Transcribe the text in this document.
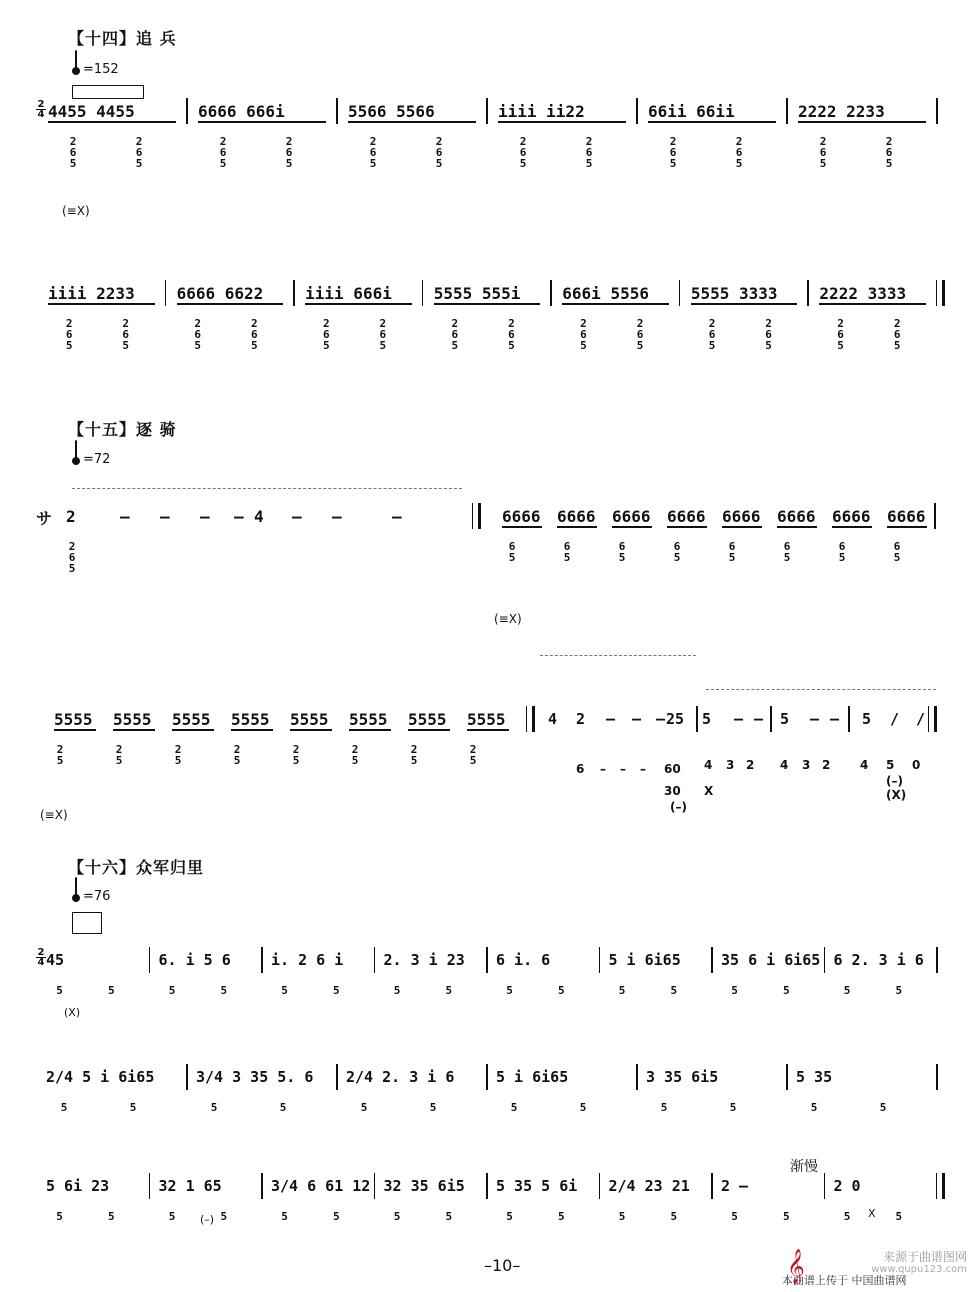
【十四】追 兵
=152
2
4 4455 4455	6666 666i	5566 5566	iiii ii22	66ii 66ii	2222 2233
2
6
5
2
6
5
2
6
5
2
6
5
2
6
5
2
6
5
2
6
5
2
6
5
2
6
5
2
6
5
2
6
5
2
6
5
(≡X)
iiii 2233	6666 6622	iiii 666i	5555 555i	666i 5556	5555 3333	2222 3333
2
6
5
2
6
5
2
6
5
2
6
5
2
6
5
2
6
5
2
6
5
2
6
5
2
6
5
2
6
5
2
6
5
2
6
5
2
6
5
2
6
5
【十五】逐 骑
=72
サ 2	– – – – 4 – –	–	6666 6666 6666 6666 6666 6666 6666 6666
2
6
5
6
5
6
5
6
5
6
5
6
5
6
5
6
5
6
5
(≡X)
5555 5555 5555 5555 5555 5555 5555 5555	4 2 – – – 25 5 – – 5 – – 5 / /
2
5
2
5
2
5
2
5
2
5
2
5
2
5
2
5
6 – – – 60
30
(–)
4 3 2 4 3 2 4 5 0
(–)
X	(X)
(≡X)
【十六】众军归里
=76
2
4 45	6. i 5 6	i. 2 6 i	2. 3 i 23 6 i. 6	5 i 6i65	35 6 i 6i65 6 2. 3 i 6
5	5	5	5	5	5	5	5	5	5	5	5	5	5	5	5
(X)
2/4 5 i 6i65	3/4 3 35 5. 6 2/4 2. 3 i 6	5 i 6i65	3 35 6i5	5 35
5	5	5	5	5	5	5	5	5	5	5	5
渐慢
5 6i 23	32 1 65	3/4 6 61 12 32 35 6i5 5 35 5 6i 2/4 23 21 2 –	2 0
5	5	5	5	5	5	5	5	5	5	5	5	5	5	5	5
(–)	X
–10–
本曲谱上传于 中国曲谱网
𝄞	来源于曲谱图网
www.qupu123.com
